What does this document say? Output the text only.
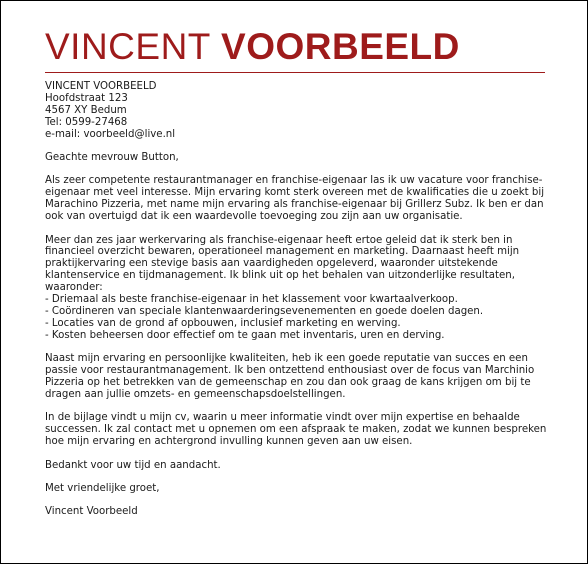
VINCENT VOORBEELD
VINCENT VOORBEELD
Hoofdstraat 123
4567 XY Bedum
Tel: 0599-27468
e-mail: voorbeeld@live.nl
Geachte mevrouw Button,

Als zeer competente restaurantmanager en franchise-eigenaar las ik uw vacature voor franchise-eigenaar met veel interesse. Mijn ervaring komt sterk overeen met de kwalificaties die u zoekt bij Marachino Pizzeria, met name mijn ervaring als franchise-eigenaar bij Grillerz Subz. Ik ben er dan ook van overtuigd dat ik een waardevolle toevoeging zou zijn aan uw organisatie.

Meer dan zes jaar werkervaring als franchise-eigenaar heeft ertoe geleid dat ik sterk ben in financieel overzicht bewaren, operationeel management en marketing. Daarnaast heeft mijn praktijkervaring een stevige basis aan vaardigheden opgeleverd, waaronder uitstekende klantenservice en tijdmanagement. Ik blink uit op het behalen van uitzonderlijke resultaten, waaronder:

- Driemaal als beste franchise-eigenaar in het klassement voor kwartaalverkoop.
- Coördineren van speciale klantenwaarderingsevenementen en goede doelen dagen.
- Locaties van de grond af opbouwen, inclusief marketing en werving.
- Kosten beheersen door effectief om te gaan met inventaris, uren en derving.

Naast mijn ervaring en persoonlijke kwaliteiten, heb ik een goede reputatie van succes en een passie voor restaurantmanagement. Ik ben ontzettend enthousiast over de focus van Marchinio Pizzeria op het betrekken van de gemeenschap en zou dan ook graag de kans krijgen om bij te dragen aan jullie omzets- en gemeenschapsdoelstellingen.

In de bijlage vindt u mijn cv, waarin u meer informatie vindt over mijn expertise en behaalde successen. Ik zal contact met u opnemen om een afspraak te maken, zodat we kunnen bespreken hoe mijn ervaring en achtergrond invulling kunnen geven aan uw eisen.

Bedankt voor uw tijd en aandacht.
Met vriendelijke groet,
Vincent Voorbeeld
